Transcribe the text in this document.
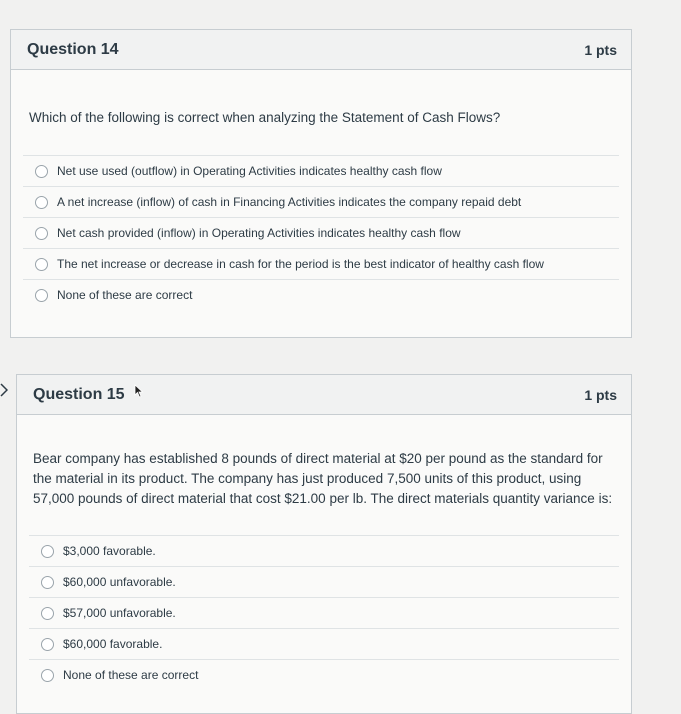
Question 14	1 pts
Which of the following is correct when analyzing the Statement of Cash Flows?
Net use used (outflow) in Operating Activities indicates healthy cash flow
A net increase (inflow) of cash in Financing Activities indicates the company repaid debt
Net cash provided (inflow) in Operating Activities indicates healthy cash flow
The net increase or decrease in cash for the period is the best indicator of healthy cash flow
None of these are correct
Question 15	1 pts
Bear company has established 8 pounds of direct material at $20 per pound as the standard for the material in its product. The company has just produced 7,500 units of this product, using 57,000 pounds of direct material that cost $21.00 per lb. The direct materials quantity variance is:
$3,000 favorable.
$60,000 unfavorable.
$57,000 unfavorable.
$60,000 favorable.
None of these are correct
